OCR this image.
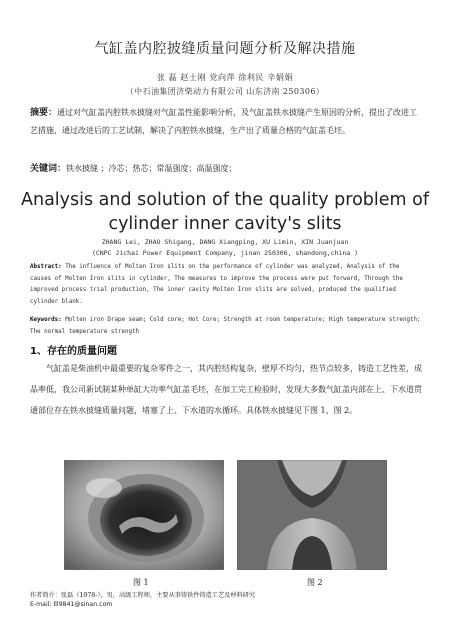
气缸盖内腔披缝质量问题分析及解决措施
张 磊 赵士刚 党向萍 徐利民 辛娟娟
（中石油集团济柴动力有限公司 山东济南 250306）
摘要：通过对气缸盖内腔铁水披缝对气缸盖性能影响分析，及气缸盖铁水披缝产生原因的分析，提出了改进工艺措施，通过改进后的工艺试制，解决了内腔铁水披缝，生产出了质量合格的气缸盖毛坯。
关键词：铁水披缝 ；冷芯；热芯；常温强度；高温强度；
Analysis and solution of the quality problem of
cylinder inner cavity's slits
ZHANG Lei, ZHAO Shigang, DANG Xiangping, XU Limin, XIN Juanjuan
(CNPC Jichai Power Equipment Company, jinan 250306, shandong,china )
Abstract: The influence of Molten Iron slits on the performance of cylinder was analyzed, Analysis of the causes of Molten Iron slits in cylinder, The measures to improve the process were put forward, Through the improved process trial production, The inner cavity Molten Iron slits are solved, produced the qualified cylinder blank.
Keywords: Molten iron Drape seam; Cold core; Hot Core; Strength at room temperature; High temperature strength; The normal temperature strength
1、存在的质量问题
气缸盖是柴油机中最重要的复杂零件之一，其内腔结构复杂，壁厚不均匀，热节点较多，铸造工艺性差，成品率低，我公司新试制某种单缸大功率气缸盖毛坯，在加工完工检验时，发现大多数气缸盖内部在上、下水道贯通部位存在铁水披缝质量问题，堵塞了上、下水道的水循环。具体铁水披缝见下图 1、图 2。
图 1	图 2
作者简介：张磊（1978-），男，高级工程师，主要从事铸铁件铸造工艺及材料研究
E-mail: lll9841@sinan.com
